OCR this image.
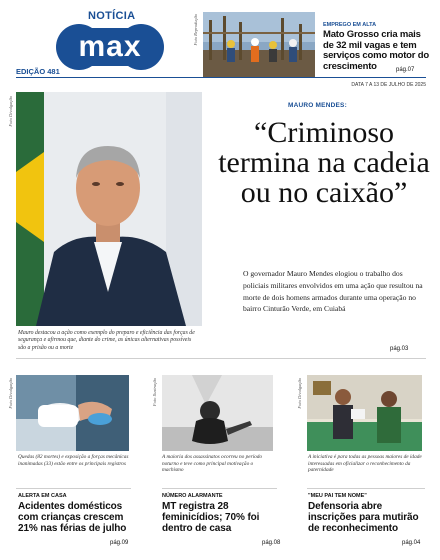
NOTÍCIA
max
EDIÇÃO 481
Foto Reprodução	EMPREGO EM ALTA
Mato Grosso cria mais de 32 mil vagas e tem serviços como motor do crescimento	pág.07
DATA 7 A 13 DE JULHO DE 2025
Foto Divulgação
Mauro destacou a ação como exemplo do preparo e eficiência das forças de segurança e afirmou que, diante do crime, as únicas alternativas possíveis são a prisão ou a morte
MAURO MENDES:
“Criminoso termina na cadeia ou no caixão”
O governador Mauro Mendes elogiou o trabalho dos policiais militares envolvidos em uma ação que resultou na morte de dois homens armados durante uma operação no bairro Cinturão Verde, em Cuiabá
pág.03
Foto Divulgação
Quedas (82 mortes) e exposição a forças mecânicas inanimadas (33) estão entre os principais registros
ALERTA EM CASA
Acidentes domésticos com crianças crescem 21% nas férias de julho
pág.09
Foto Ilustração
A maioria dos assassinatos ocorreu no período noturno e teve como principal motivação o machismo
NÚMERO ALARMANTE
MT registra 28 feminicídios; 70% foi dentro de casa
pág.08
Foto Divulgação
A iniciativa é para todas as pessoas maiores de idade interessadas em oficializar o reconhecimento da paternidade
"MEU PAI TEM NOME"
Defensoria abre inscrições para mutirão de reconhecimento
pág.04
